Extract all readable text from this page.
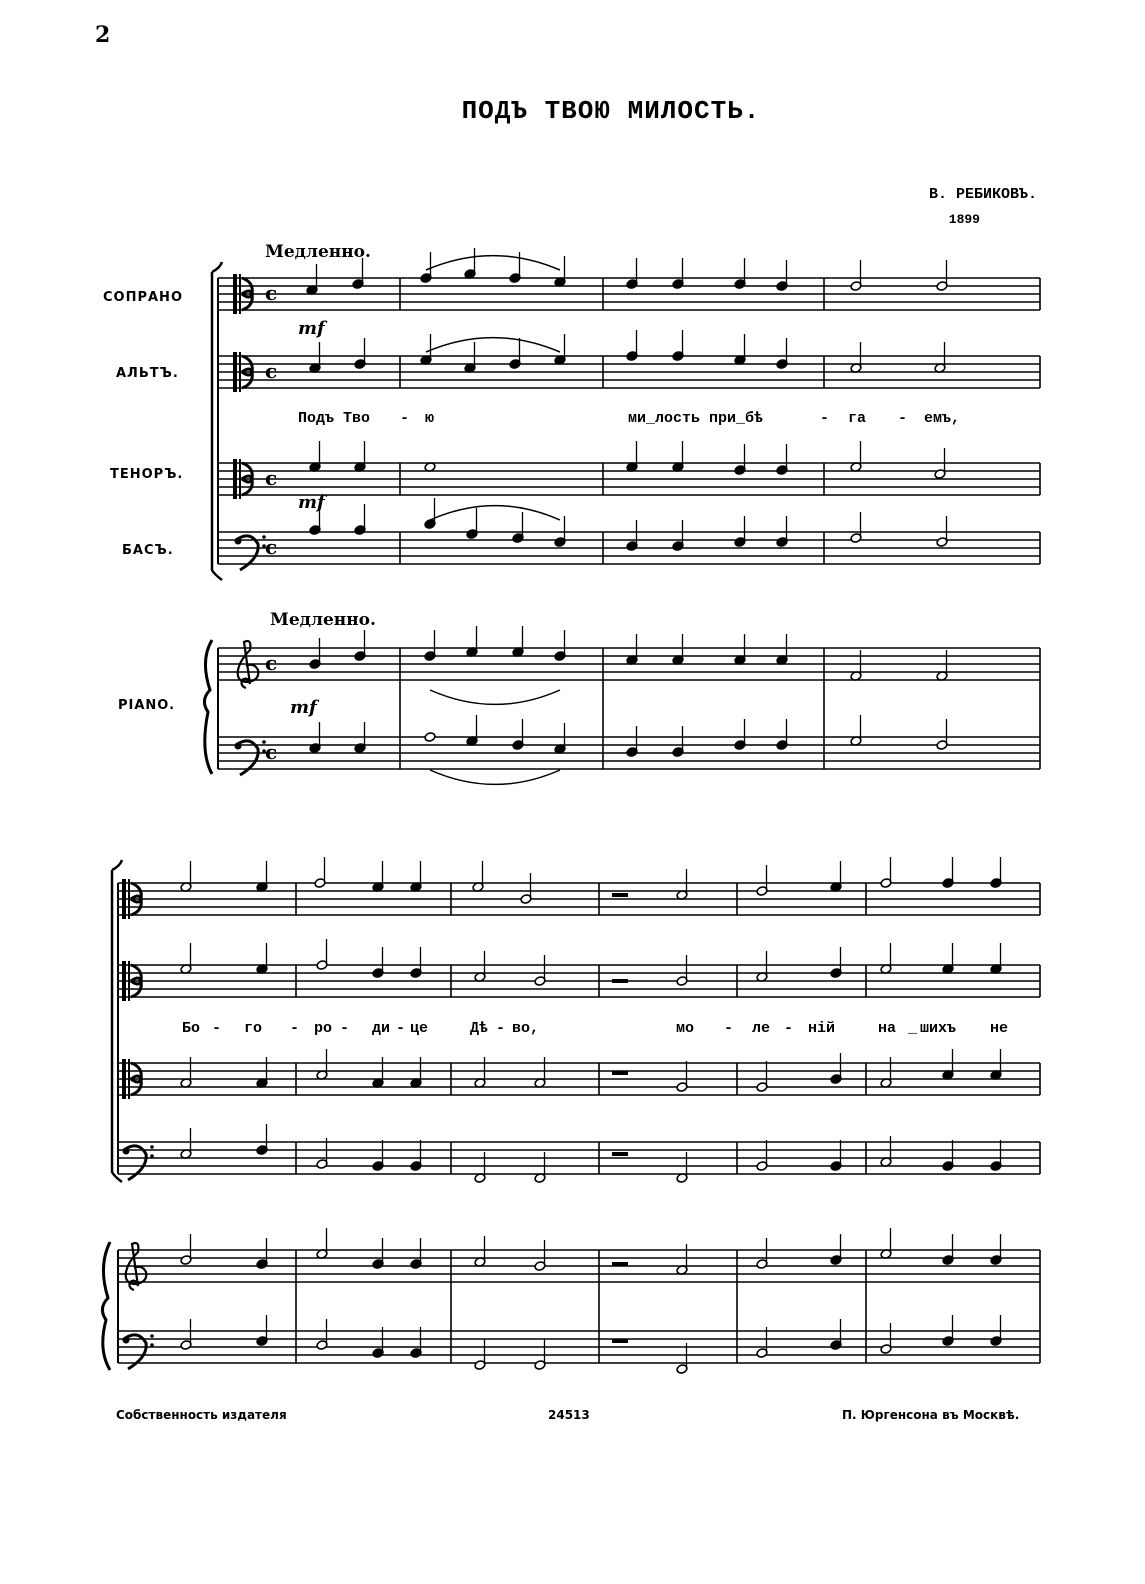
2
ПОДЪ ТВОЮ МИЛОСТЬ.
В. РЕБИКОВЪ.
1899
Медленно.
Медленно.
СОПРАНО
АЛЬТЪ.
ТЕНОРЪ.
БАСЪ.
PIANO.
mf
mf
mf
Подъ Тво - ю	ми_лость при_бѣ	- га - емъ,
Бо - го - ро - ди - це	Дѣ - во,	мо - ле - ній	на _ шихъ не
Собственность издателя	24513	П. Юргенсона въ Москвѣ.
c
c
c
c
c
c
